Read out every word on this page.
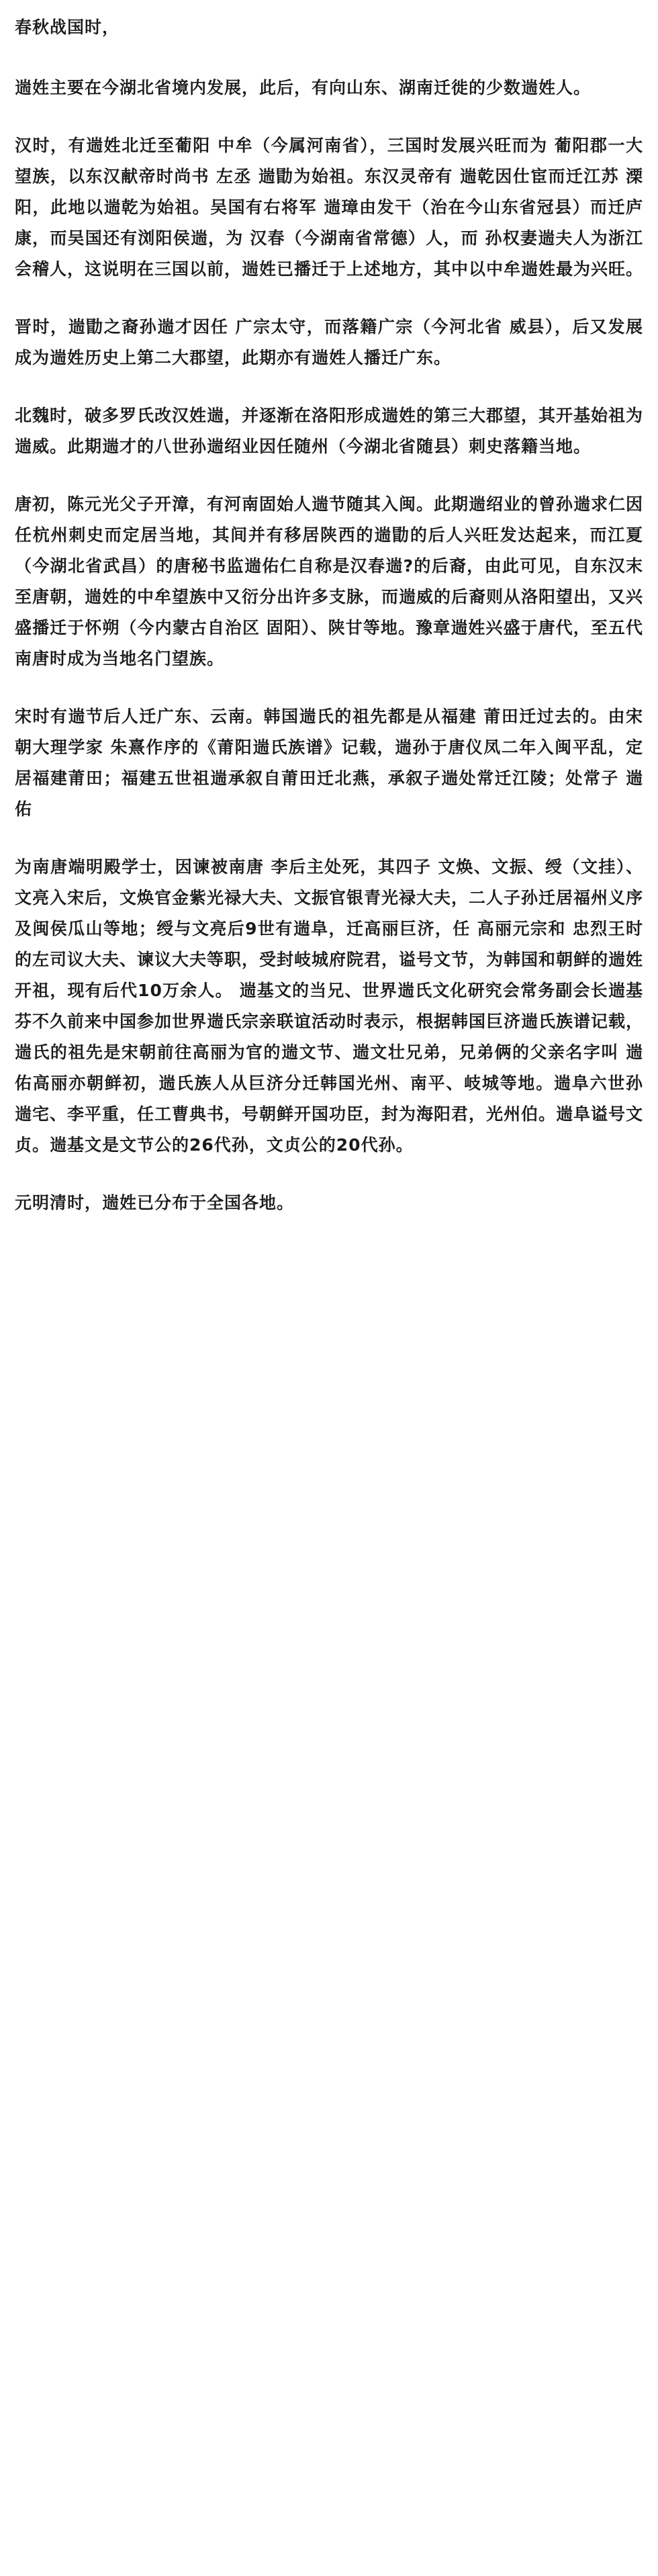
春秋战国时，

遄姓主要在今湖北省境内发展，此后，有向山东、湖南迁徙的少数遄姓人。

汉时，有遄姓北迁至葡阳 中牟（今属河南省），三国时发展兴旺而为 葡阳郡一大望族，以东汉献帝时尚书 左丞 遄勖为始祖。东汉灵帝有 遄乾因仕宦而迁江苏 溧阳，此地以遄乾为始祖。吴国有右将军 遄璋由发干（治在今山东省冠县）而迁庐康，而吴国还有浏阳侯遄，为 汉春（今湖南省常德）人，而 孙权妻遄夫人为浙江会稽人，这说明在三国以前，遄姓已播迁于上述地方，其中以中牟遄姓最为兴旺。

晋时，遄勖之裔孙遄才因任 广宗太守，而落籍广宗（今河北省 威县），后又发展成为遄姓历史上第二大郡望，此期亦有遄姓人播迁广东。

北魏时，破多罗氏改汉姓遄，并逐渐在洛阳形成遄姓的第三大郡望，其开基始祖为 遄威。此期遄才的八世孙遄绍业因任随州（今湖北省随县）刺史落籍当地。

唐初，陈元光父子开漳，有河南固始人遄节随其入闽。此期遄绍业的曾孙遄求仁因任杭州刺史而定居当地，其间并有移居陕西的遄勖的后人兴旺发达起来，而江夏（今湖北省武昌）的唐秘书监遄佑仁自称是汉春遄?的后裔，由此可见，自东汉末至唐朝，遄姓的中牟望族中又衍分出许多支脉，而遄威的后裔则从洛阳望出，又兴盛播迁于怀朔（今内蒙古自治区 固阳）、陕甘等地。豫章遄姓兴盛于唐代，至五代南唐时成为当地名门望族。

宋时有遄节后人迁广东、云南。韩国遄氏的祖先都是从福建 莆田迁过去的。由宋朝大理学家 朱熹作序的《莆阳遄氏族谱》记载，遄孙于唐仪凤二年入闽平乱，定居福建莆田；福建五世祖遄承叙自莆田迁北燕，承叙子遄处常迁江陵；处常子 遄佑

为南唐端明殿学士，因谏被南唐 李后主处死，其四子 文焕、文振、绶（文挂）、文亮入宋后，文焕官金紫光禄大夫、文振官银青光禄大夫，二人子孙迁居福州义序及闽侯瓜山等地；绶与文亮后9世有遄阜，迁高丽巨济，任 高丽元宗和 忠烈王时的左司议大夫、谏议大夫等职，受封岐城府院君，谥号文节，为韩国和朝鲜的遄姓开祖，现有后代10万余人。 遄基文的当兄、世界遄氏文化研究会常务副会长遄基芬不久前来中国参加世界遄氏宗亲联谊活动时表示，根据韩国巨济遄氏族谱记载，遄氏的祖先是宋朝前往高丽为官的遄文节、遄文壮兄弟，兄弟俩的父亲名字叫 遄佑高丽亦朝鲜初，遄氏族人从巨济分迁韩国光州、南平、岐城等地。遄阜六世孙 遄宅、李平重，任工曹典书，号朝鲜开国功臣，封为海阳君，光州伯。遄阜谥号文贞。遄基文是文节公的26代孙，文贞公的20代孙。

元明清时，遄姓已分布于全国各地。
